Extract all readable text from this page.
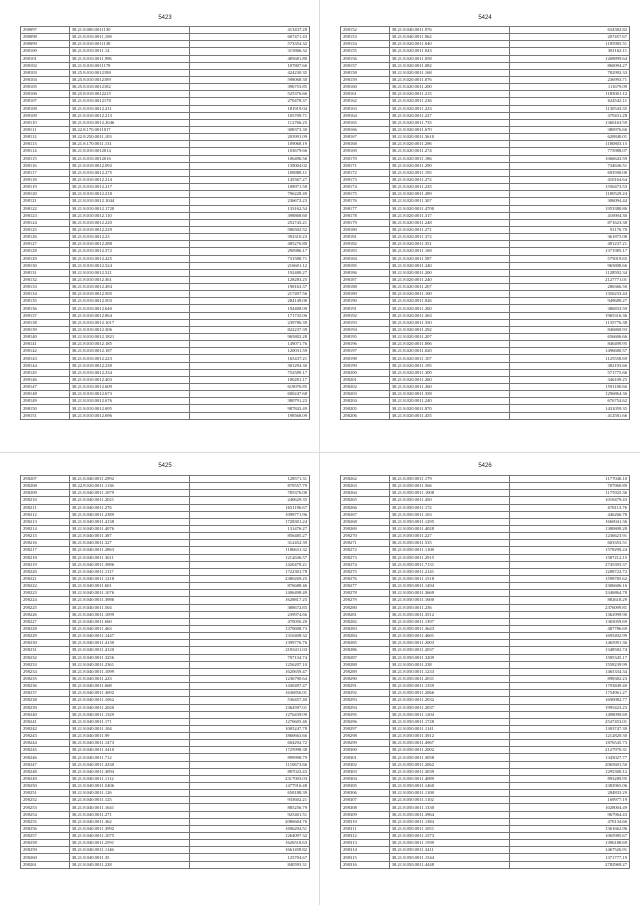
5423
298097	38.21.8.000.0011130	413437.28
298098	38.21.8.010.0011,108	607471.43
298099	38.21.8.010.0011138	573354.32
298100	38.21.8.010.0011.14	315866.32
298101	38.21.8.010.0011,996	485681.80
298102	38.21.8.010.0011178	107807.66
298103	38.25.8.010.0012188	424230.35
298104	38.25.8.010.0012189	598068.30
298105	38.25.8.010.0012182	396753.85
298106	38.25.8.010.0012215	525376.66
298107	38.21.8.010.0012178	270478.37
298108	38.21.8.010.0012.211	181919.04
298109	38.21.8.010.0012.213	105709.71
298110	38.21.8.010.0012.2046	112766.25
298111	38.22.8.170.0011017	308373.30
298112	38.22.8.250.0011,103	203991.09
298113	38.21.8.170.0011,131	109068.19
298114	38.21.8.010.0012014	103679.66
298115	38.21.8.010.0012016	106496.56
298116	38.21.8.010.0012.092	139004.02
298117	38.21.8.010.0012.275	108088.11
298118	38.21.8.010.0012.214	145567.27
298119	38.21.8.010.0012.217	108971.58
298120	38.21.8.010.0012.218	796228.49
298121	38.21.8.010.0012.1044	236673.23
298122	38.21.8.010.0012.1720	133162.54
298123	38.21.8.010.0012.110	398868.60
298124	38.21.8.010.0012.220	252743.21
298125	38.21.8.010.0012.229	586502.52
298126	38.21.8.010.0012.23	392310.23
298127	38.21.8.010.0012.288	485276.80
298128	38.21.8.010.0012.372	290986.17
298129	38.21.8.010.0012.425	731588.71
298130	38.21.8.010.0012.524	216601.12
298131	38.21.8.010.0012.521	192480.27
298132	38.21.8.010.0012.361	128283.25
298133	38.21.8.010.0012.494	198163.37
298134	38.21.8.010.0012.505	217497.56
298135	38.21.8.010.0012.503	284149.00
298136	38.21.8.010.0012.640	194408.09
298137	38.21.8.010.0012.864	171735.06
298138	38.21.8.010.0012.1017	239786.39
298139	38.21.8.010.0012.306	822237.39
298140	38.21.8.010.0012.1821	965802.28
298141	38.21.8.010.0012.185	149071.76
298142	38.21.8.010.0012.187	120031.59
298143	38.21.8.010.0012.223	165437.21
298144	38.21.8.010.0012.230	301294.30
298145	38.21.8.010.0012.234	752589.17
298146	38.21.8.010.0012.403	100281.17
298147	38.21.8.010.0012.609	619076.85
298148	38.21.8.010.0012.673	600247.68
298149	38.21.8.010.0012.676	380791.23
298150	38.21.8.010.0012.695	987843.49
298151	38.21.8.010.0012.696	198568.09
5424
298152	38.21.8.040.0011.976	634382.82
298153	38.21.8.040.0011.962	207457.67
298154	38.21.8.020.0011.040	1185985.51
298155	38.21.8.020.0011.043	381162.11
298156	38.21.8.020.0011.058	1268899.64
298157	38.21.8.020.0011.082	860094.27
298158	38.21.8.020.0011.168	782992.33
298159	38.21.8.020.0011.076	236993.71
298160	38.21.8.020.0011.200	111679.09
298161	38.21.8.020.0011.215	1185001.12
298162	38.21.8.020.0011.236	624542.11
298163	38.21.8.020.0011.223	1130543.35
298164	38.21.8.020.0011.227	379431.28
298165	38.21.8.020.0011.735	1366163.59
298166	38.21.8.020.0011.670	380976.66
298167	38.21.8.020.0011.3610	628840.01
298168	38.21.8.020.0011.296	1180803.15
298169	38.21.8.020.0011.274	775988.07
298170	38.21.8.020.0011.186	1066643.59
298171	38.21.8.020.0011.290	734636.51
298172	38.21.8.020.0011.195	693590.00
298173	38.21.8.020.0011.272	410164.64
298174	38.21.8.020.0011.235	1556473.53
298175	38.21.8.020.0011.289	1180529.24
298176	38.21.8.020.0011.307	306094.44
298177	38.21.8.020.0011.4700	1953380.86
298178	38.21.8.020.0011.317	416904.30
298179	38.21.8.020.0011.248	871623.38
298180	38.21.8.020.0011.271	91176.70
298181	38.21.8.020.0011.372	361875.08
298182	38.21.8.020.0011.351	481237.21
298183	38.21.8.020.0011.169	1371985.17
298184	38.21.8.020.0011.587	575019.65
298185	38.21.8.020.0011.240	965808.66
298186	38.21.8.020.0011.200	1128592.34
298187	38.21.8.020.0011.240	2127771.01
298188	38.21.8.020.0011.207	286366.50
298189	38.21.8.020.0011.100	1356233.44
298190	38.21.8.020.0011.026	949689.27
298191	38.21.8.020.0011.260	386833.59
298192	38.21.8.020.0011.363	1965316.36
298193	38.21.8.020.0011.350	1135776.38
298194	38.21.8.020.0011.292	846800.93
298195	38.21.8.020.0011.207	656606.66
298196	38.21.8.020.0011.006	846499.95
298197	38.21.8.020.0011.020	1496680.57
298198	38.21.8.020.0011.107	1125558.69
298199	38.21.8.020.0011.195	382193.66
298200	38.21.8.020.0011.300	571775.66
298201	38.21.8.020.0011.260	346109.25
298202	38.21.8.020.0011.260	1591100.66
298203	38.21.8.020.0011.358	1296864.36
298204	38.21.8.020.0011.240	676754.62
298205	38.21.8.020.0011.870	1431059.35
298206	38.21.8.020.0011.455	412581.66
5425
298207	38.21.8.040.0011.2992	128571.31
298208	38.22.8.020.0011.1136	870557.79
298209	38.21.8.040.0011.1079	785376.00
298210	38.21.8.040.0011.2021	240629.35
298211	38.21.8.040.0011.276	1651196.67
298212	38.21.8.040.0011.2389	1098771.96
298213	38.21.8.040.0011.4138	1728301.24
298214	38.21.8.040.0011.4076	131476.27
298215	38.21.8.040.0011.387	856485.27
298216	38.21.8.040.0011.327	312452.39
298217	38.21.8.040.0011.2863	1186631.32
298218	38.21.8.040.0011.3011	1212636.57
298219	38.21.8.040.0011.3986	1420478.21
298220	38.21.8.040.0011.1117	1722301.78
298221	38.21.8.040.0011.1218	2380269.25
298222	38.21.8.040.0011.601	876688.46
298223	38.21.8.040.0011.1076	1406498.49
298224	38.21.8.040.0011.3986	1628817.25
298225	38.21.8.040.0011.504	388672.65
298226	38.21.8.040.0011.1099	239974.66
298227	38.21.8.040.0011.660	470056.20
298228	38.21.8.040.0011.463	1370608.73
298229	38.21.8.040.0011.1447	1310408.32
298230	38.21.8.040.0011.4130	1399776.76
298231	38.21.8.040.0011.4120	2183411.03
298232	38.21.8.040.0011.3256	707134.74
298233	38.21.8.040.0011.2361	1256207.10
298234	38.21.8.040.0011.1099	1620659.47
298235	38.21.8.040.0011.223	1236790.64
298236	38.21.8.040.0011.668	1430497.47
298237	38.21.8.040.0011.3692	1636856.01
298238	38.21.8.040.0011.1062	536457.40
298239	38.21.8.040.0011.2020	1364597.01
298240	38.21.8.040.0011.1329	1276439.09
298241	38.21.8.040.0011.171	1276605.46
298242	38.21.8.040.0011.104	1005247.78
298243	38.21.8.040.0011.99	1860663.66
298244	38.21.8.040.0011.1473	604292.72
298245	38.21.8.040.0011.3410	1725998.38
298246	38.21.8.040.0011.712	899998.79
298247	38.21.8.040.0011.4330	1110673.66
298248	38.21.8.040.0011.3094	887023.43
298249	38.21.8.040.0011.1112	2317003.03
298250	38.21.8.040.0011.5406	1477916.48
298251	38.21.8.040.0011.126	658188.39
298252	38.21.8.040.0011.125	933602.21
298253	38.21.8.040.0011.1641	885256.79
298254	38.21.8.040.0011.271	925401.51
298255	38.21.8.040.0011.362	2086604.76
298256	38.21.8.040.0011.3992	1696294.51
298257	38.21.8.040.0011.1075	1264097.32
298258	38.21.8.040.0011.2591	1626518.63
298259	38.21.8.040.0011.1146	1661458.82
298260	38.21.8.040.0011.35	125704.67
298261	38.21.8.040.0011.228	840593.31
5426
298262	38.21.8.050.0011.179	1177040.10
298263	38.21.8.050.0011.566	707960.89
298264	38.21.8.050.0011.1008	1175925.36
298265	38.21.8.050.0011.450	1018479.43
298266	38.21.8.050.0011.172	678113.76
298267	38.21.8.050.0011.163	446266.78
298268	38.21.8.050.0011.1295	1660041.36
298269	38.21.8.050.0011.4028	1380808.28
298270	38.21.8.050.0011.227	1236623.91
298271	38.21.8.050.0011.535	603353.51
298272	38.21.8.050.0011.1108	1578299.24
298273	38.21.8.050.0011.2915	1587212.15
298274	38.21.8.050.0011.7131	2745393.37
298275	38.21.8.050.0011.2141	1208722.72
298276	38.21.8.050.0011.1518	1598785.62
298277	38.21.8.050.0011.1494	2306606.16
298278	38.21.8.050.0011.3669	3346864.78
298279	38.21.8.050.0011.1600	882618.29
298280	38.21.8.050.0011.236	2376099.81
298281	38.21.8.050.0011.3512	1362999.90
298282	38.21.8.050.0011.1397	1365059.69
298283	38.21.8.050.0011.3643	487786.69
298284	38.21.8.050.0011.4601	1695492.99
298285	38.21.8.050.0011.2003	1465991.36
298286	38.21.8.050.0011.2037	1348582.74
298287	38.21.8.050.0011.3209	1585345.17
298288	38.21.8.050.0011.238	1558239.99
298289	38.21.8.050.0011.1233	1465334.34
298290	38.21.8.050.0011.2031	898382.23
298291	38.21.8.050.0011.1359	1793849.40
298292	38.21.8.050.0011.2066	1754961.27
298293	38.21.8.050.0011.2032	1690082.77
298294	38.21.8.050.0011.2037	1995423.23
298295	38.21.8.050.0011.1204	1498090.69
298296	38.21.8.050.0011.1728	2547453.01
298297	38.21.8.050.0011.1141	1303747.39
298298	38.21.8.050.0011.3912	1212820.30
298299	38.21.8.050.0011.4967	1876545.73
298300	38.21.8.050.0011.2002	2127970.31
298301	38.21.8.050.0011.3058	1345027.77
298302	38.21.8.050.0011.2062	2065601.50
298303	38.21.8.050.0011.3039	1295300.12
298304	38.21.8.050.0011.4089	893289.95
298305	38.21.8.050.0011.1460	2382965.06
298306	38.21.8.050.0011.1108	284833.29
298307	38.21.8.050.0011.1102	169977.19
298308	38.21.8.050.0011.1330	1028004.49
298309	38.21.8.050.0011.3964	967964.43
298310	38.21.8.050.0011.1384	470134.66
298311	38.21.8.050.0011.1051	1361662.96
298312	38.21.8.050.0011.1573	1065985.67
298313	38.21.8.050.0011.1599	1396188.69
298314	38.21.8.050.0011.3411	1467526.91
298315	38.21.8.050.0011.1544	1371777.19
298316	38.21.8.050.0011.4448	2782969.27
